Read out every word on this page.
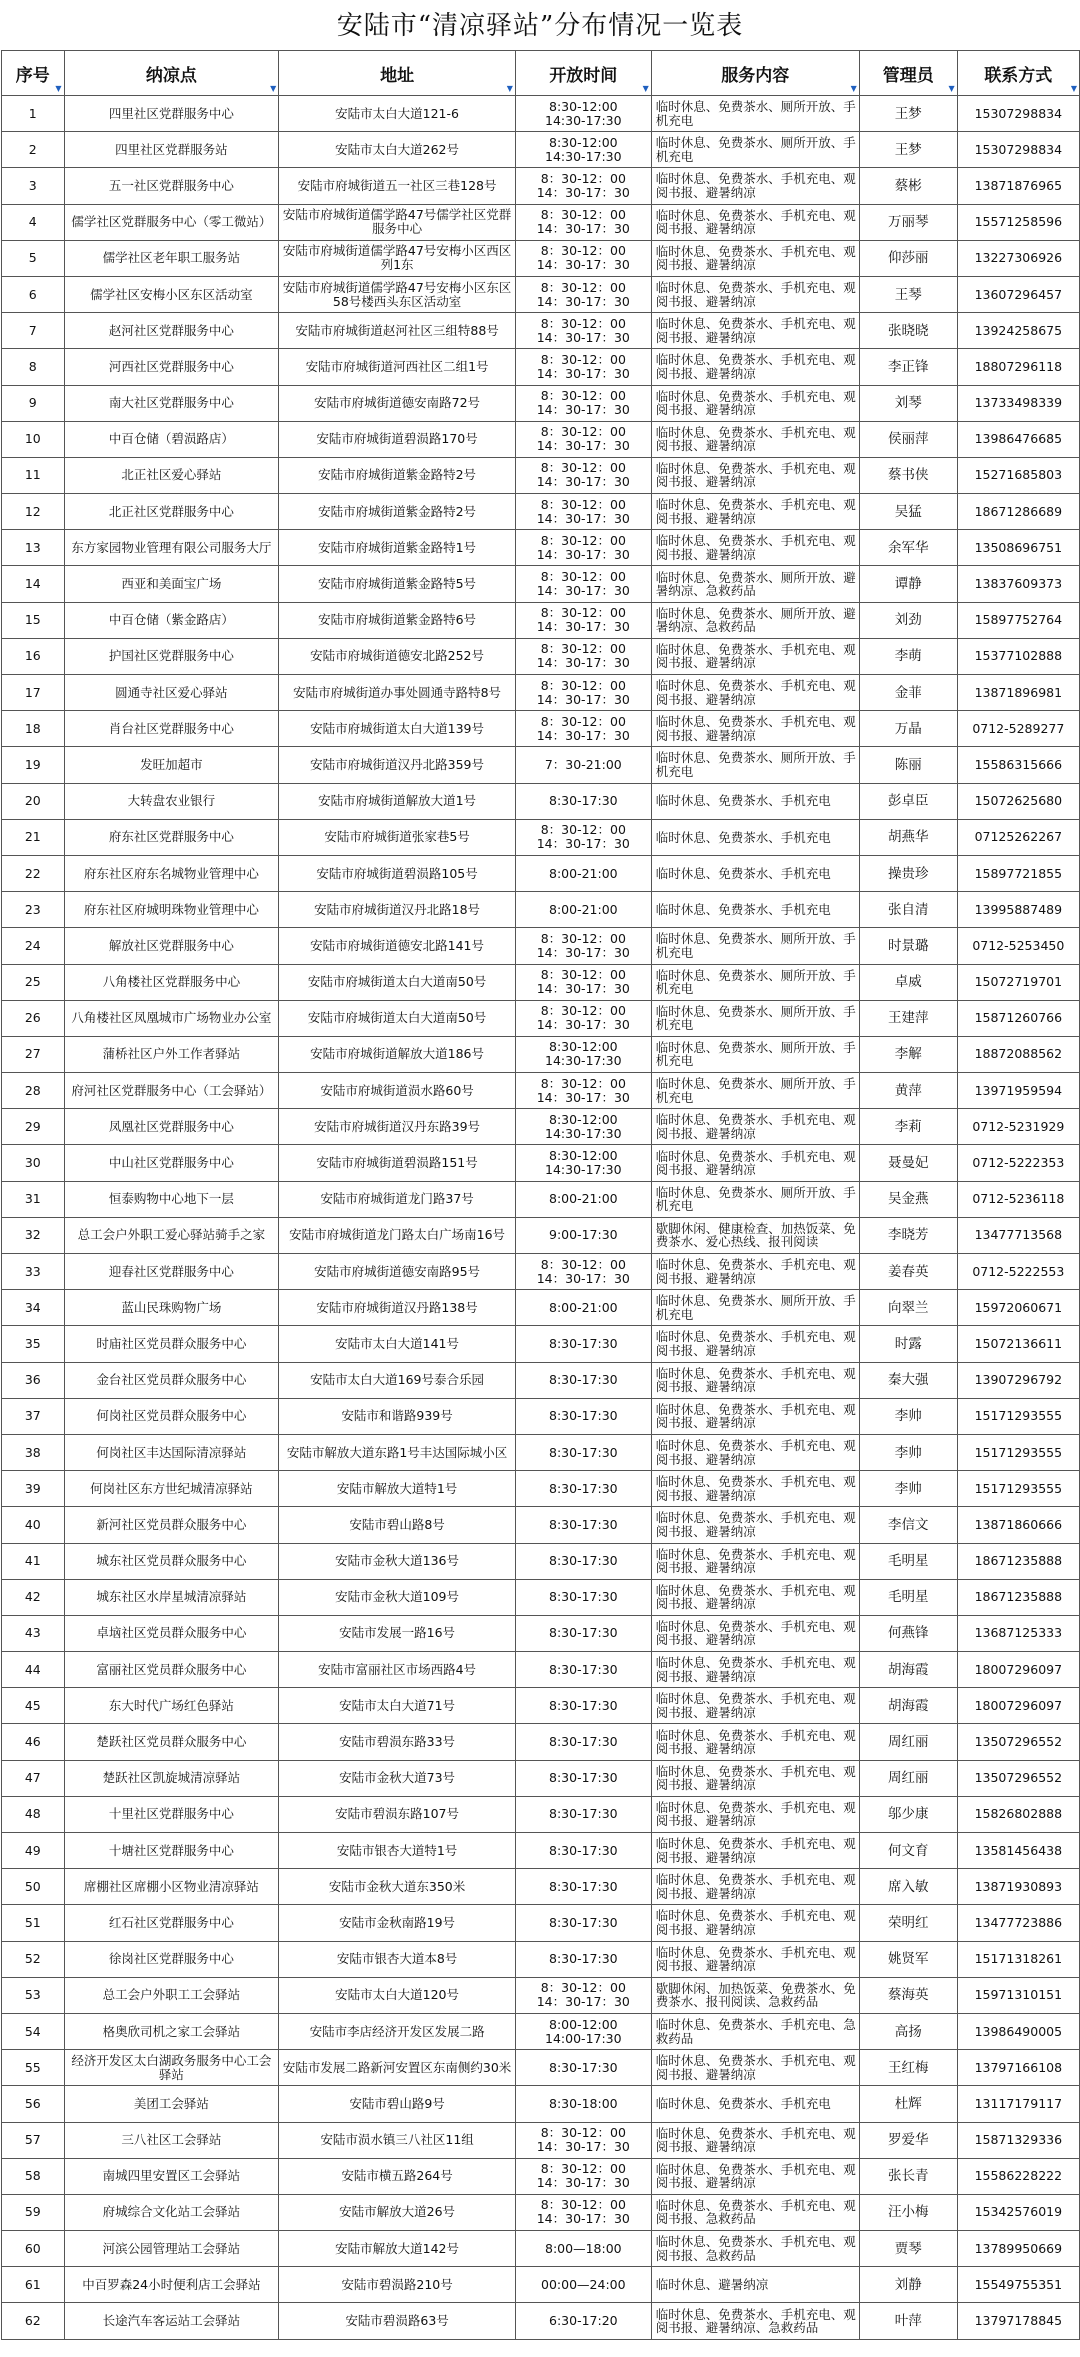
安陆市“清凉驿站”分布情况一览表
序号
▼	纳凉点
▼	地址
▼	开放时间
▼	服务内容
▼	管理员
▼	联系方式
▼

1	四里社区党群服务中心	安陆市太白大道121-6	8:30-12:00
14:30-17:30	临时休息、免费茶水、厕所开放、手机充电	王梦	15307298834
2	四里社区党群服务站	安陆市太白大道262号	8:30-12:00
14:30-17:30	临时休息、免费茶水、厕所开放、手机充电	王梦	15307298834
3	五一社区党群服务中心	安陆市府城街道五一社区三巷128号	8：30-12：00
14：30-17：30	临时休息、免费茶水、手机充电、观阅书报、避暑纳凉	蔡彬	13871876965
4	儒学社区党群服务中心（零工微站）	安陆市府城街道儒学路47号儒学社区党群服务中心	8：30-12：00
14：30-17：30	临时休息、免费茶水、手机充电、观阅书报、避暑纳凉	万丽琴	15571258596
5	儒学社区老年职工服务站	安陆市府城街道儒学路47号安梅小区西区列1东	8：30-12：00
14：30-17：30	临时休息、免费茶水、手机充电、观阅书报、避暑纳凉	仰莎丽	13227306926
6	儒学社区安梅小区东区活动室	安陆市府城街道儒学路47号安梅小区东区58号楼西头东区活动室	8：30-12：00
14：30-17：30	临时休息、免费茶水、手机充电、观阅书报、避暑纳凉	王琴	13607296457
7	赵河社区党群服务中心	安陆市府城街道赵河社区三组特88号	8：30-12：00
14：30-17：30	临时休息、免费茶水、手机充电、观阅书报、避暑纳凉	张晓晓	13924258675
8	河西社区党群服务中心	安陆市府城街道河西社区二组1号	8：30-12：00
14：30-17：30	临时休息、免费茶水、手机充电、观阅书报、避暑纳凉	李正锋	18807296118
9	南大社区党群服务中心	安陆市府城街道德安南路72号	8：30-12：00
14：30-17：30	临时休息、免费茶水、手机充电、观阅书报、避暑纳凉	刘琴	13733498339
10	中百仓储（碧涢路店）	安陆市府城街道碧涢路170号	8：30-12：00
14：30-17：30	临时休息、免费茶水、手机充电、观阅书报、避暑纳凉	侯丽萍	13986476685
11	北正社区爱心驿站	安陆市府城街道紫金路特2号	8：30-12：00
14：30-17：30	临时休息、免费茶水、手机充电、观阅书报、避暑纳凉	蔡书侠	15271685803
12	北正社区党群服务中心	安陆市府城街道紫金路特2号	8：30-12：00
14：30-17：30	临时休息、免费茶水、手机充电、观阅书报、避暑纳凉	吴猛	18671286689
13	东方家园物业管理有限公司服务大厅	安陆市府城街道紫金路特1号	8：30-12：00
14：30-17：30	临时休息、免费茶水、手机充电、观阅书报、避暑纳凉	余军华	13508696751
14	西亚和美面宝广场	安陆市府城街道紫金路特5号	8：30-12：00
14：30-17：30	临时休息、免费茶水、厕所开放、避暑纳凉、急救药品	谭静	13837609373
15	中百仓储（紫金路店）	安陆市府城街道紫金路特6号	8：30-12：00
14：30-17：30	临时休息、免费茶水、厕所开放、避暑纳凉、急救药品	刘劲	15897752764
16	护国社区党群服务中心	安陆市府城街道德安北路252号	8：30-12：00
14：30-17：30	临时休息、免费茶水、手机充电、观阅书报、避暑纳凉	李萌	15377102888
17	圆通寺社区爱心驿站	安陆市府城街道办事处圆通寺路特8号	8：30-12：00
14：30-17：30	临时休息、免费茶水、手机充电、观阅书报、避暑纳凉	金菲	13871896981
18	肖台社区党群服务中心	安陆市府城街道太白大道139号	8：30-12：00
14：30-17：30	临时休息、免费茶水、手机充电、观阅书报、避暑纳凉	万晶	0712-5289277
19	发旺加超市	安陆市府城街道汉丹北路359号	7：30-21:00	临时休息、免费茶水、厕所开放、手机充电	陈丽	15586315666
20	大转盘农业银行	安陆市府城街道解放大道1号	8:30-17:30	临时休息、免费茶水、手机充电	彭卓臣	15072625680
21	府东社区党群服务中心	安陆市府城街道张家巷5号	8：30-12：00
14：30-17：30	临时休息、免费茶水、手机充电	胡燕华	07125262267
22	府东社区府东名城物业管理中心	安陆市府城街道碧涢路105号	8:00-21:00	临时休息、免费茶水、手机充电	操贵珍	15897721855
23	府东社区府城明珠物业管理中心	安陆市府城街道汉丹北路18号	8:00-21:00	临时休息、免费茶水、手机充电	张自清	13995887489
24	解放社区党群服务中心	安陆市府城街道德安北路141号	8：30-12：00
14：30-17：30	临时休息、免费茶水、厕所开放、手机充电	时景璐	0712-5253450
25	八角楼社区党群服务中心	安陆市府城街道太白大道南50号	8：30-12：00
14：30-17：30	临时休息、免费茶水、厕所开放、手机充电	卓威	15072719701
26	八角楼社区凤凰城市广场物业办公室	安陆市府城街道太白大道南50号	8：30-12：00
14：30-17：30	临时休息、免费茶水、厕所开放、手机充电	王建萍	15871260766
27	蒲桥社区户外工作者驿站	安陆市府城街道解放大道186号	8:30-12:00
14:30-17:30	临时休息、免费茶水、厕所开放、手机充电	李解	18872088562
28	府河社区党群服务中心（工会驿站）	安陆市府城街道涢水路60号	8：30-12：00
14：30-17：30	临时休息、免费茶水、厕所开放、手机充电	黄萍	13971959594
29	凤凰社区党群服务中心	安陆市府城街道汉丹东路39号	8:30-12:00
14:30-17:30	临时休息、免费茶水、手机充电、观阅书报、避暑纳凉	李莉	0712-5231929
30	中山社区党群服务中心	安陆市府城街道碧涢路151号	8:30-12:00
14:30-17:30	临时休息、免费茶水、手机充电、观阅书报、避暑纳凉	聂曼妃	0712-5222353
31	恒泰购物中心地下一层	安陆市府城街道龙门路37号	8:00-21:00	临时休息、免费茶水、厕所开放、手机充电	吴金燕	0712-5236118
32	总工会户外职工爱心驿站骑手之家	安陆市府城街道龙门路太白广场南16号	9:00-17:30	歇脚休闲、健康检查、加热饭菜、免费茶水、爱心热线、报刊阅读	李晓芳	13477713568
33	迎春社区党群服务中心	安陆市府城街道德安南路95号	8：30-12：00
14：30-17：30	临时休息、免费茶水、手机充电、观阅书报、避暑纳凉	姜春英	0712-5222553
34	蓝山民珠购物广场	安陆市府城街道汉丹路138号	8:00-21:00	临时休息、免费茶水、厕所开放、手机充电	向翠兰	15972060671
35	时庙社区党员群众服务中心	安陆市太白大道141号	8:30-17:30	临时休息、免费茶水、手机充电、观阅书报、避暑纳凉	时露	15072136611
36	金台社区党员群众服务中心	安陆市太白大道169号泰合乐园	8:30-17:30	临时休息、免费茶水、手机充电、观阅书报、避暑纳凉	秦大强	13907296792
37	何岗社区党员群众服务中心	安陆市和谐路939号	8:30-17:30	临时休息、免费茶水、手机充电、观阅书报、避暑纳凉	李帅	15171293555
38	何岗社区丰达国际清凉驿站	安陆市解放大道东路1号丰达国际城小区	8:30-17:30	临时休息、免费茶水、手机充电、观阅书报、避暑纳凉	李帅	15171293555
39	何岗社区东方世纪城清凉驿站	安陆市解放大道特1号	8:30-17:30	临时休息、免费茶水、手机充电、观阅书报、避暑纳凉	李帅	15171293555
40	新河社区党员群众服务中心	安陆市碧山路8号	8:30-17:30	临时休息、免费茶水、手机充电、观阅书报、避暑纳凉	李信文	13871860666
41	城东社区党员群众服务中心	安陆市金秋大道136号	8:30-17:30	临时休息、免费茶水、手机充电、观阅书报、避暑纳凉	毛明星	18671235888
42	城东社区水岸星城清凉驿站	安陆市金秋大道109号	8:30-17:30	临时休息、免费茶水、手机充电、观阅书报、避暑纳凉	毛明星	18671235888
43	卓垴社区党员群众服务中心	安陆市发展一路16号	8:30-17:30	临时休息、免费茶水、手机充电、观阅书报、避暑纳凉	何燕锋	13687125333
44	富丽社区党员群众服务中心	安陆市富丽社区市场西路4号	8:30-17:30	临时休息、免费茶水、手机充电、观阅书报、避暑纳凉	胡海霞	18007296097
45	东大时代广场红色驿站	安陆市太白大道71号	8:30-17:30	临时休息、免费茶水、手机充电、观阅书报、避暑纳凉	胡海霞	18007296097
46	楚跃社区党员群众服务中心	安陆市碧涢东路33号	8:30-17:30	临时休息、免费茶水、手机充电、观阅书报、避暑纳凉	周红丽	13507296552
47	楚跃社区凯旋城清凉驿站	安陆市金秋大道73号	8:30-17:30	临时休息、免费茶水、手机充电、观阅书报、避暑纳凉	周红丽	13507296552
48	十里社区党群服务中心	安陆市碧涢东路107号	8:30-17:30	临时休息、免费茶水、手机充电、观阅书报、避暑纳凉	邬少康	15826802888
49	十塘社区党群服务中心	安陆市银杏大道特1号	8:30-17:30	临时休息、免费茶水、手机充电、观阅书报、避暑纳凉	何文育	13581456438
50	席棚社区席棚小区物业清凉驿站	安陆市金秋大道东350米	8:30-17:30	临时休息、免费茶水、手机充电、观阅书报、避暑纳凉	席入敏	13871930893
51	红石社区党群服务中心	安陆市金秋南路19号	8:30-17:30	临时休息、免费茶水、手机充电、观阅书报、避暑纳凉	荣明红	13477723886
52	徐岗社区党群服务中心	安陆市银杏大道本8号	8:30-17:30	临时休息、免费茶水、手机充电、观阅书报、避暑纳凉	姚贤军	15171318261
53	总工会户外职工工会驿站	安陆市太白大道120号	8：30-12：00
14：30-17：30	歇脚休闲、加热饭菜、免费茶水、免费茶水、报刊阅读、急救药品	蔡海英	15971310151
54	格奥欣司机之家工会驿站	安陆市李店经济开发区发展二路	8:00-12:00
14:00-17:30	临时休息、免费茶水、手机充电、急救药品	高扬	13986490005
55	经济开发区太白湖政务服务中心工会驿站	安陆市发展二路新河安置区东南侧约30米	8:30-17:30	临时休息、免费茶水、手机充电、观阅书报、避暑纳凉	王红梅	13797166108
56	美团工会驿站	安陆市碧山路9号	8:30-18:00	临时休息、免费茶水、手机充电	杜辉	13117179117
57	三八社区工会驿站	安陆市涢水镇三八社区11组	8：30-12：00
14：30-17：30	临时休息、免费茶水、手机充电、观阅书报、避暑纳凉	罗爱华	15871329336
58	南城四里安置区工会驿站	安陆市横五路264号	8：30-12：00
14：30-17：30	临时休息、免费茶水、手机充电、观阅书报、避暑纳凉	张长青	15586228222
59	府城综合文化站工会驿站	安陆市解放大道26号	8：30-12：00
14：30-17：30	临时休息、免费茶水、手机充电、观阅书报、急救药品	汪小梅	15342576019
60	河滨公园管理站工会驿站	安陆市解放大道142号	8:00—18:00	临时休息、免费茶水、手机充电、观阅书报、急救药品	贾琴	13789950669
61	中百罗森24小时便利店工会驿站	安陆市碧涢路210号	00:00—24:00	临时休息、避暑纳凉	刘静	15549755351
62	长途汽车客运站工会驿站	安陆市碧涢路63号	6:30-17:20	临时休息、免费茶水、手机充电、观阅书报、避暑纳凉、急救药品	叶萍	13797178845
